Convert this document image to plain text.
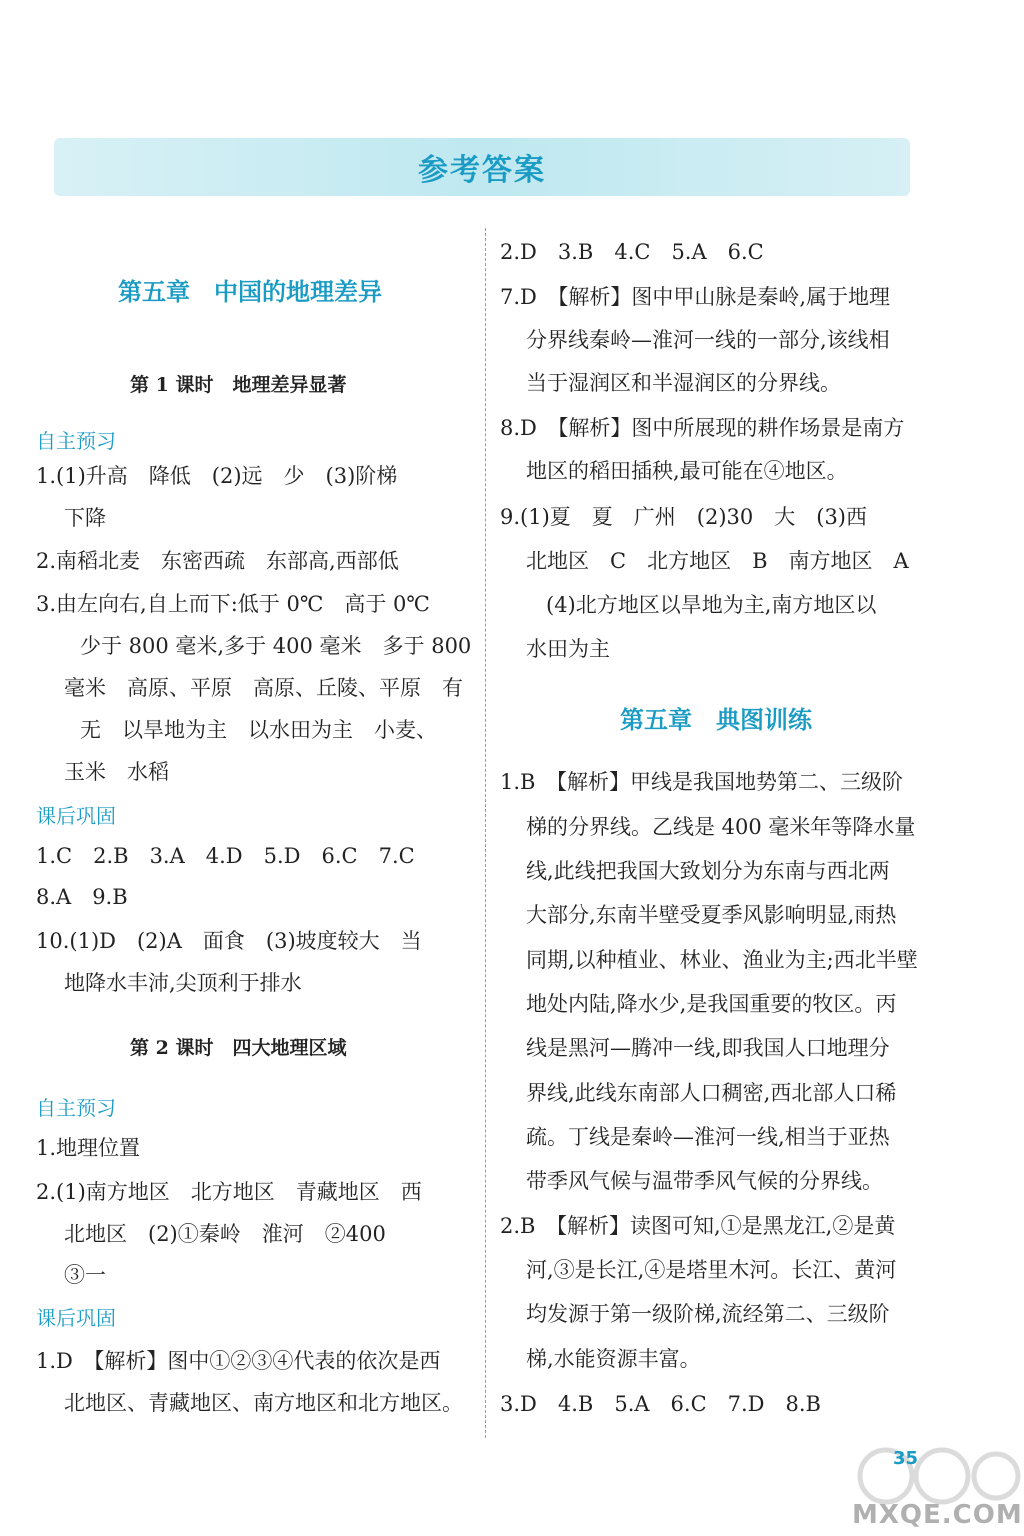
参考答案
第五章　中国的地理差异
第 1 课时　地理差异显著
自主预习
1.(1)升高　降低　(2)远　少　(3)阶梯
下降
2.南稻北麦　东密西疏　东部高,西部低
3.由左向右,自上而下:低于 0℃　高于 0℃
少于 800 毫米,多于 400 毫米　多于 800
毫米　高原、平原　高原、丘陵、平原　有
无　以旱地为主　以水田为主　小麦、
玉米　水稻
课后巩固
1.C　2.B　3.A　4.D　5.D　6.C　7.C
8.A　9.B
10.(1)D　(2)A　面食　(3)坡度较大　当
地降水丰沛,尖顶利于排水
第 2 课时　四大地理区域
自主预习
1.地理位置
2.(1)南方地区　北方地区　青藏地区　西
北地区　(2)①秦岭　淮河　②400
③一
课后巩固
1.D　【解析】图中①②③④代表的依次是西
北地区、青藏地区、南方地区和北方地区。
2.D　3.B　4.C　5.A　6.C
7.D　【解析】图中甲山脉是秦岭,属于地理
分界线秦岭—淮河一线的一部分,该线相
当于湿润区和半湿润区的分界线。
8.D　【解析】图中所展现的耕作场景是南方
地区的稻田插秧,最可能在④地区。
9.(1)夏　夏　广州　(2)30　大　(3)西
北地区　C　北方地区　B　南方地区　A
(4)北方地区以旱地为主,南方地区以
水田为主
第五章　典图训练
1.B　【解析】甲线是我国地势第二、三级阶
梯的分界线。乙线是 400 毫米年等降水量
线,此线把我国大致划分为东南与西北两
大部分,东南半壁受夏季风影响明显,雨热
同期,以种植业、林业、渔业为主;西北半壁
地处内陆,降水少,是我国重要的牧区。丙
线是黑河—腾冲一线,即我国人口地理分
界线,此线东南部人口稠密,西北部人口稀
疏。丁线是秦岭—淮河一线,相当于亚热
带季风气候与温带季风气候的分界线。
2.B　【解析】读图可知,①是黑龙江,②是黄
河,③是长江,④是塔里木河。长江、黄河
均发源于第一级阶梯,流经第二、三级阶
梯,水能资源丰富。
3.D　4.B　5.A　6.C　7.D　8.B
35
MXQE.COM
